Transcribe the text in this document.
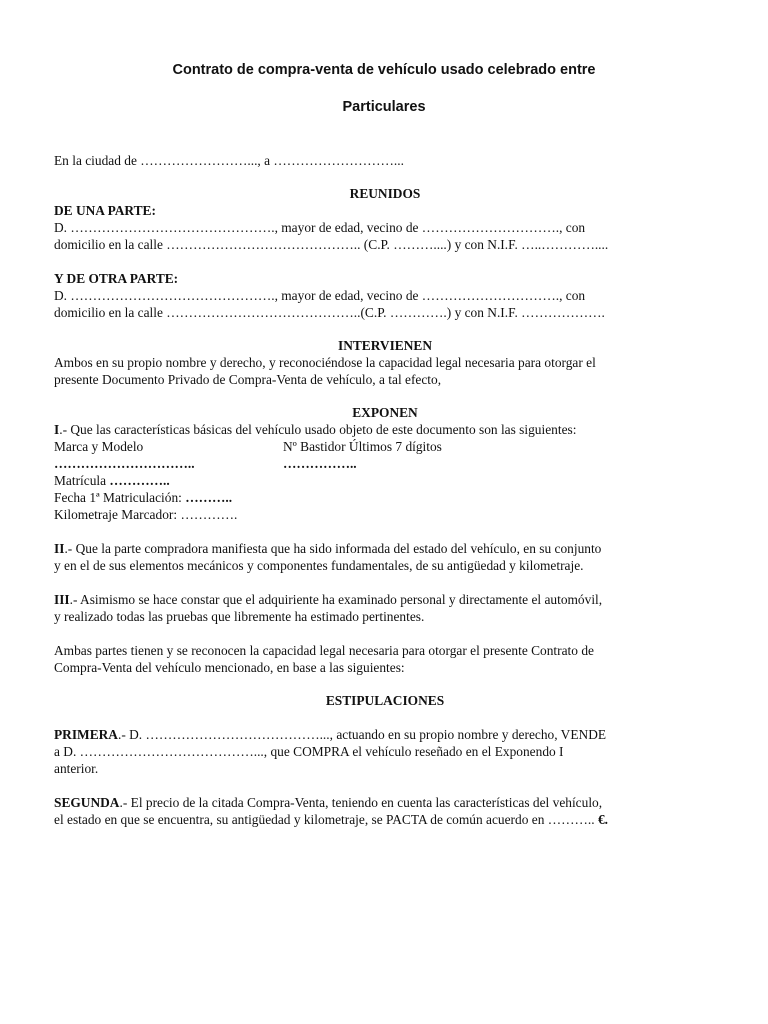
Contrato de compra-venta de vehículo usado celebrado entre
Particulares

En la ciudad de ……………………..., a ………………………...

REUNIDOS

DE UNA PARTE:

D. ………………………………………., mayor de edad, vecino de …………………………., con

domicilio en la calle …………………………………….. (C.P. ………....) y con N.I.F. …..…………....

Y DE OTRA PARTE:

D. ………………………………………., mayor de edad, vecino de …………………………., con

domicilio en la calle ……………………………………..(C.P. ………….) y con N.I.F. ……………….

INTERVIENEN

Ambos en su propio nombre y derecho, y reconociéndose la capacidad legal necesaria para otorgar el

presente Documento Privado de Compra-Venta de vehículo, a tal efecto,

EXPONEN

I.- Que las características básicas del vehículo usado objeto de este documento son las siguientes:

Marca y Modelo	Nº Bastidor Últimos 7 dígitos
…………………………..	……………..

Matrícula …………..

Fecha 1ª Matriculación: ………..

Kilometraje Marcador: ………….

II.- Que la parte compradora manifiesta que ha sido informada del estado del vehículo, en su conjunto

y en el de sus elementos mecánicos y componentes fundamentales, de su antigüedad y kilometraje.

III.- Asimismo se hace constar que el adquiriente ha examinado personal y directamente el automóvil,

y realizado todas las pruebas que libremente ha estimado pertinentes.

Ambas partes tienen y se reconocen la capacidad legal necesaria para otorgar el presente Contrato de

Compra-Venta del vehículo mencionado, en base a las siguientes:

ESTIPULACIONES

PRIMERA.- D. …………………………………..., actuando en su propio nombre y derecho, VENDE

a D. …………………………………..., que COMPRA el vehículo reseñado en el Exponendo I

anterior.

SEGUNDA.- El precio de la citada Compra-Venta, teniendo en cuenta las características del vehículo,

el estado en que se encuentra, su antigüedad y kilometraje, se PACTA de común acuerdo en ……….. €.
